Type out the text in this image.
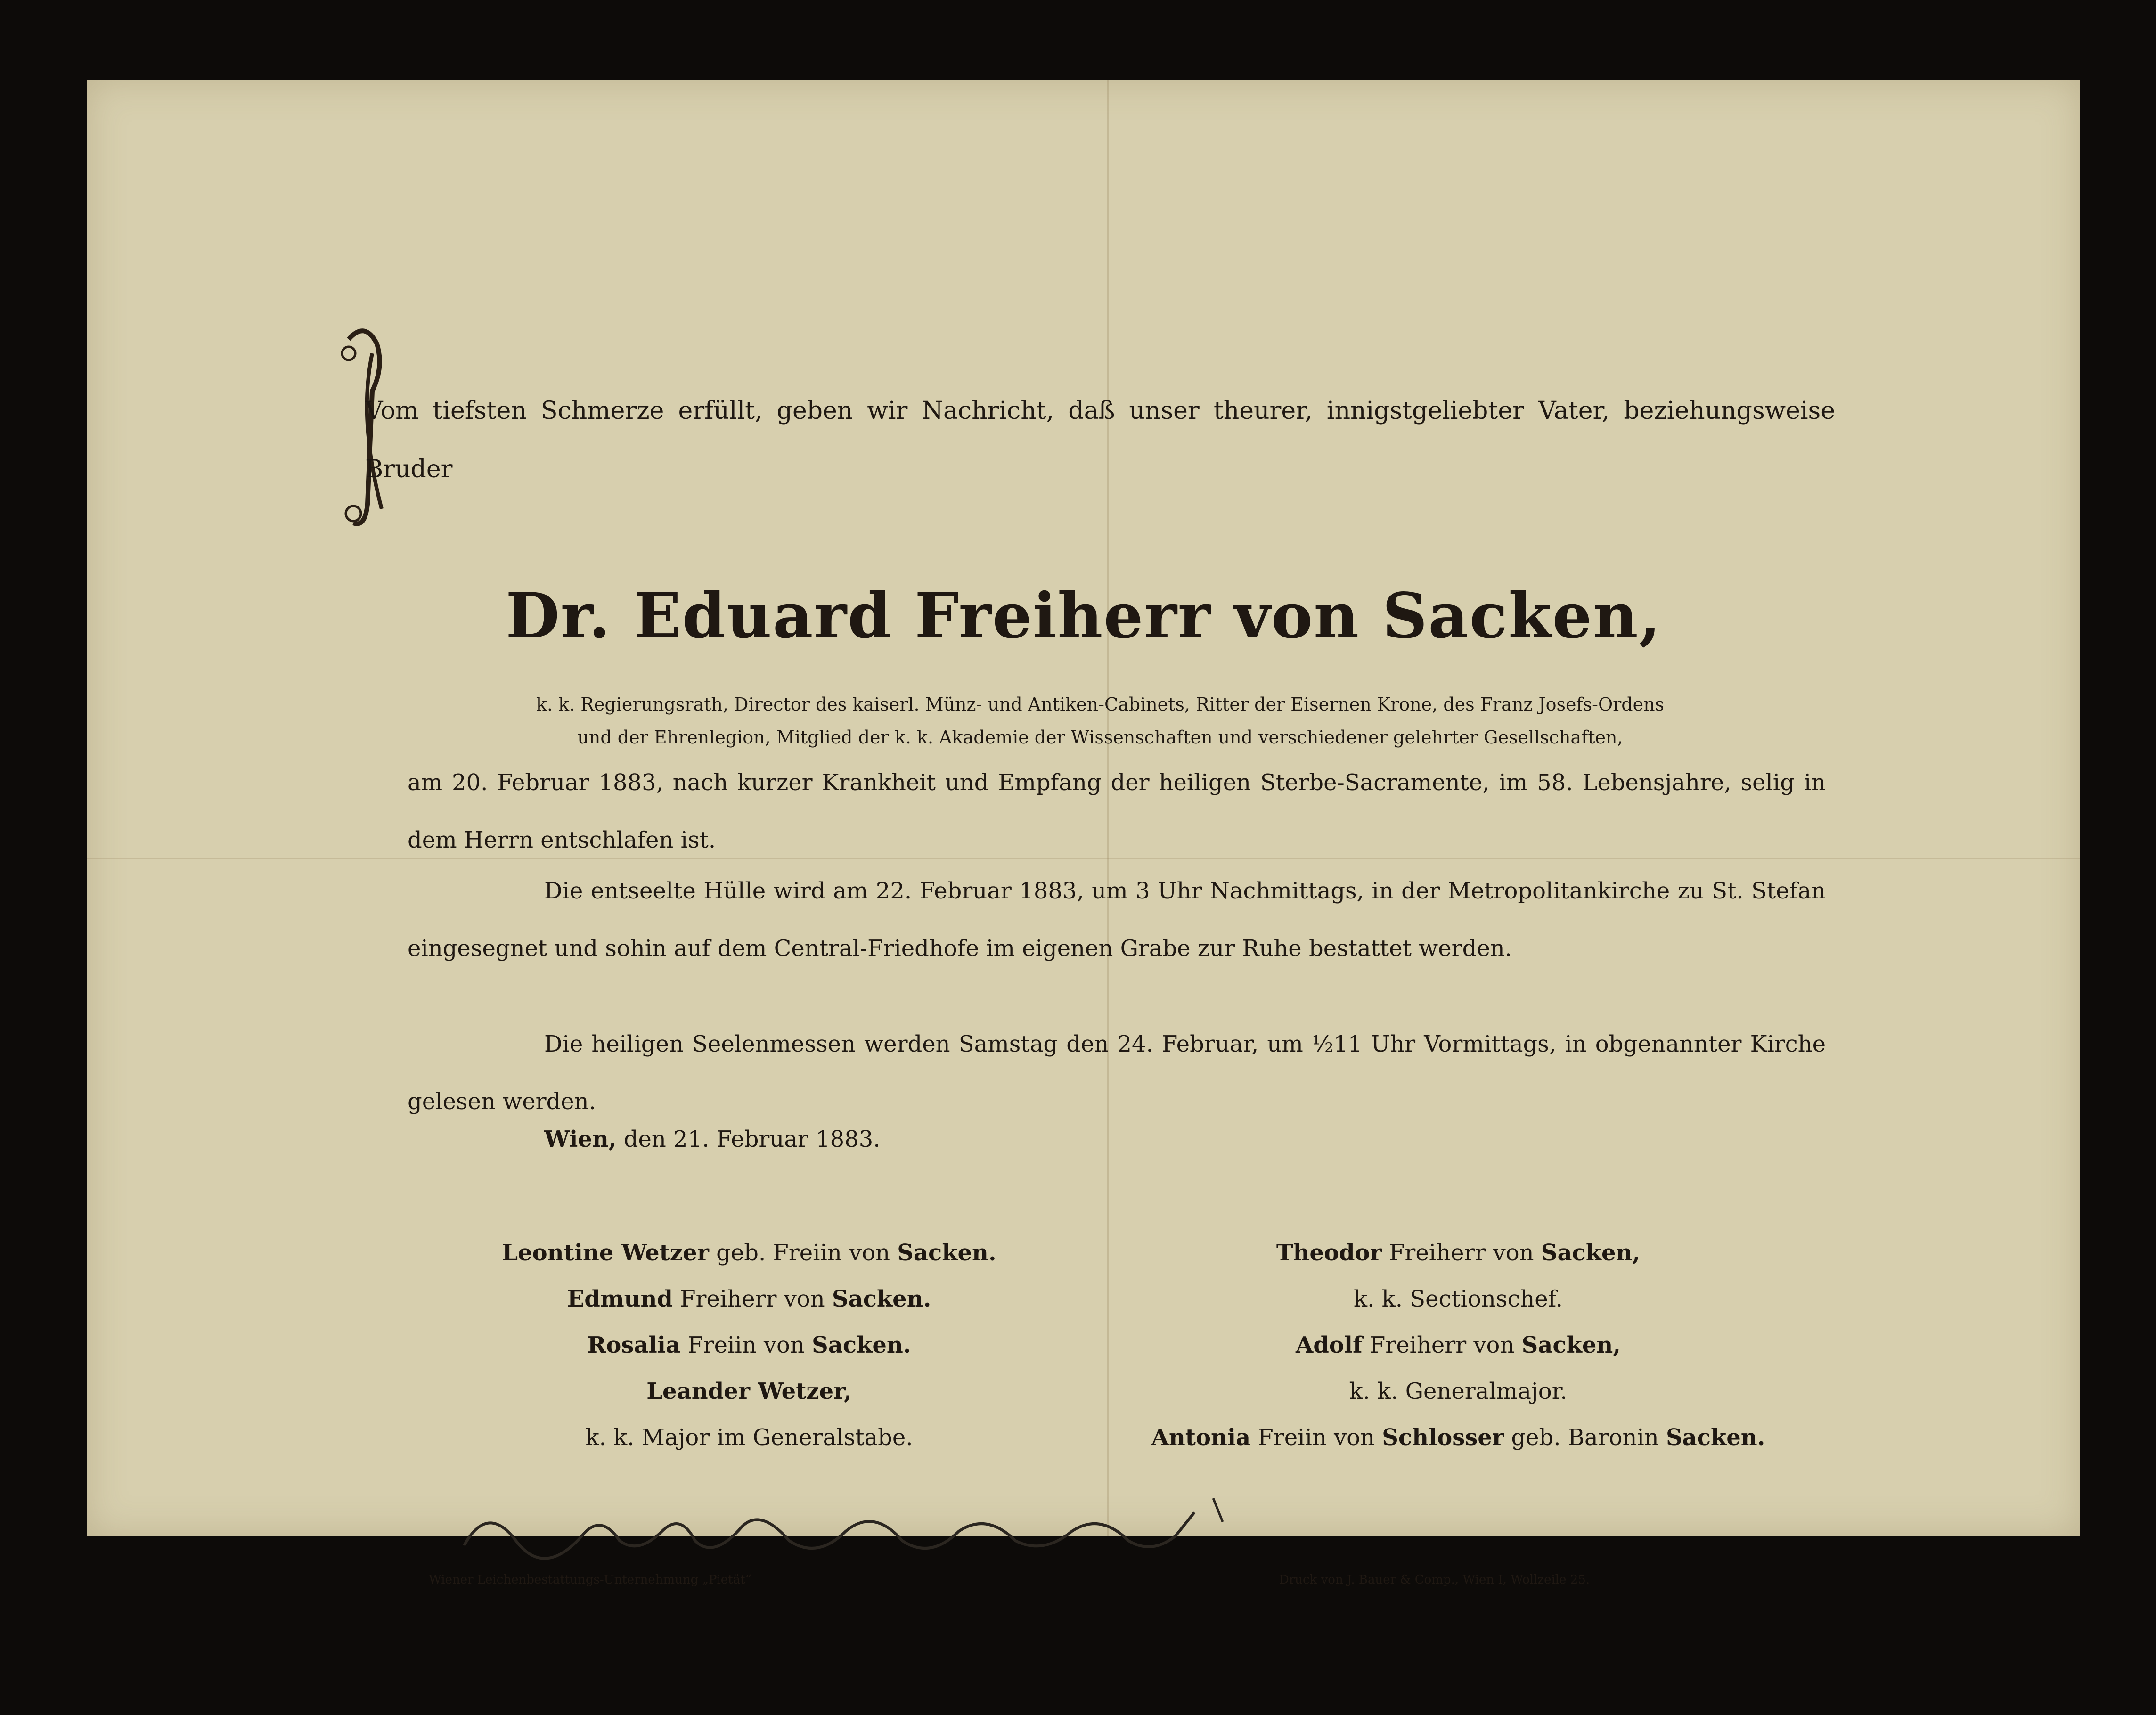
Vom tiefsten Schmerze erfüllt, geben wir Nachricht, daß unser theurer, innigstgeliebter Vater, beziehungsweise Bruder
Dr. Eduard Freiherr von Sacken,
k. k. Regierungsrath, Director des kaiserl. Münz- und Antiken-Cabinets, Ritter der Eisernen Krone, des Franz Josefs-Ordens
und der Ehrenlegion, Mitglied der k. k. Akademie der Wissenschaften und verschiedener gelehrter Gesellschaften,
am 20. Februar 1883, nach kurzer Krankheit und Empfang der heiligen Sterbe-Sacramente, im 58. Lebensjahre, selig in dem Herrn entschlafen ist.
Die entseelte Hülle wird am 22. Februar 1883, um 3 Uhr Nachmittags, in der Metropolitankirche zu St. Stefan eingesegnet und sohin auf dem Central-Friedhofe im eigenen Grabe zur Ruhe bestattet werden.
Die heiligen Seelenmessen werden Samstag den 24. Februar, um ½11 Uhr Vormittags, in obgenannter Kirche gelesen werden.
Wien, den 21. Februar 1883.
Leontine Wetzer geb. Freiin von Sacken.
Edmund Freiherr von Sacken.
Rosalia Freiin von Sacken.
Leander Wetzer,
k. k. Major im Generalstabe.
Theodor Freiherr von Sacken,
k. k. Sectionschef.
Adolf Freiherr von Sacken,
k. k. Generalmajor.
Antonia Freiin von Schlosser geb. Baronin Sacken.
Wiener Leichenbestattungs-Unternehmung „Pietät“	Druck von J. Bauer & Comp., Wien I, Wollzeile 25.
